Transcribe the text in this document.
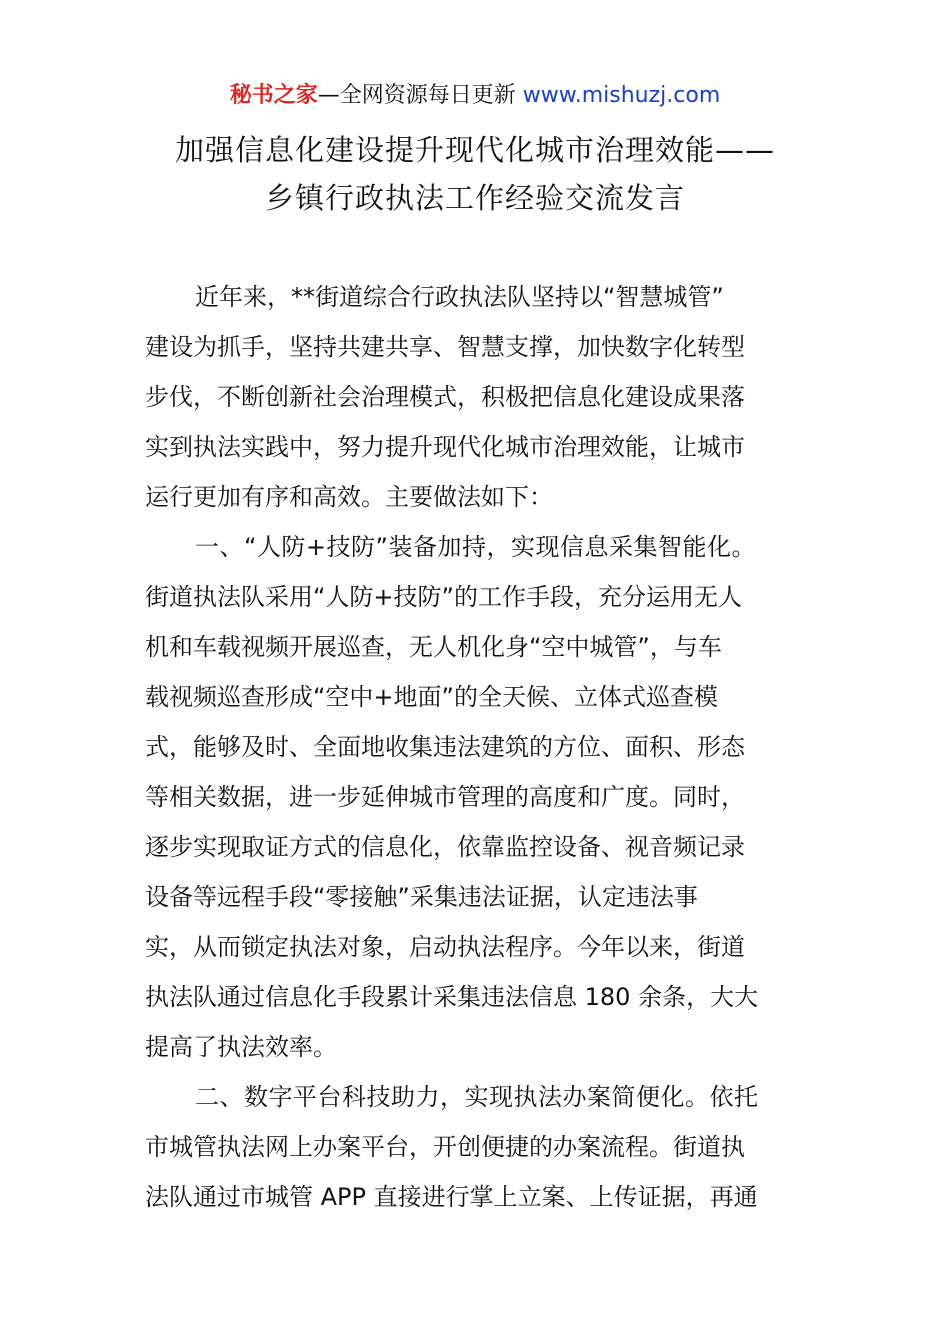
秘书之家—全网资源每日更新 www.mishuzj.com
加强信息化建设提升现代化城市治理效能——
乡镇行政执法工作经验交流发言
近年来，**街道综合行政执法队坚持以“智慧城管”
建设为抓手，坚持共建共享、智慧支撑，加快数字化转型
步伐，不断创新社会治理模式，积极把信息化建设成果落
实到执法实践中，努力提升现代化城市治理效能，让城市
运行更加有序和高效。主要做法如下：
一、“人防+技防”装备加持，实现信息采集智能化。
街道执法队采用“人防+技防”的工作手段，充分运用无人
机和车载视频开展巡查，无人机化身“空中城管”，与车
载视频巡查形成“空中+地面”的全天候、立体式巡查模
式，能够及时、全面地收集违法建筑的方位、面积、形态
等相关数据，进一步延伸城市管理的高度和广度。同时，
逐步实现取证方式的信息化，依靠监控设备、视音频记录
设备等远程手段“零接触”采集违法证据，认定违法事
实，从而锁定执法对象，启动执法程序。今年以来，街道
执法队通过信息化手段累计采集违法信息 180 余条，大大
提高了执法效率。
二、数字平台科技助力，实现执法办案简便化。依托
市城管执法网上办案平台，开创便捷的办案流程。街道执
法队通过市城管 APP 直接进行掌上立案、上传证据，再通
